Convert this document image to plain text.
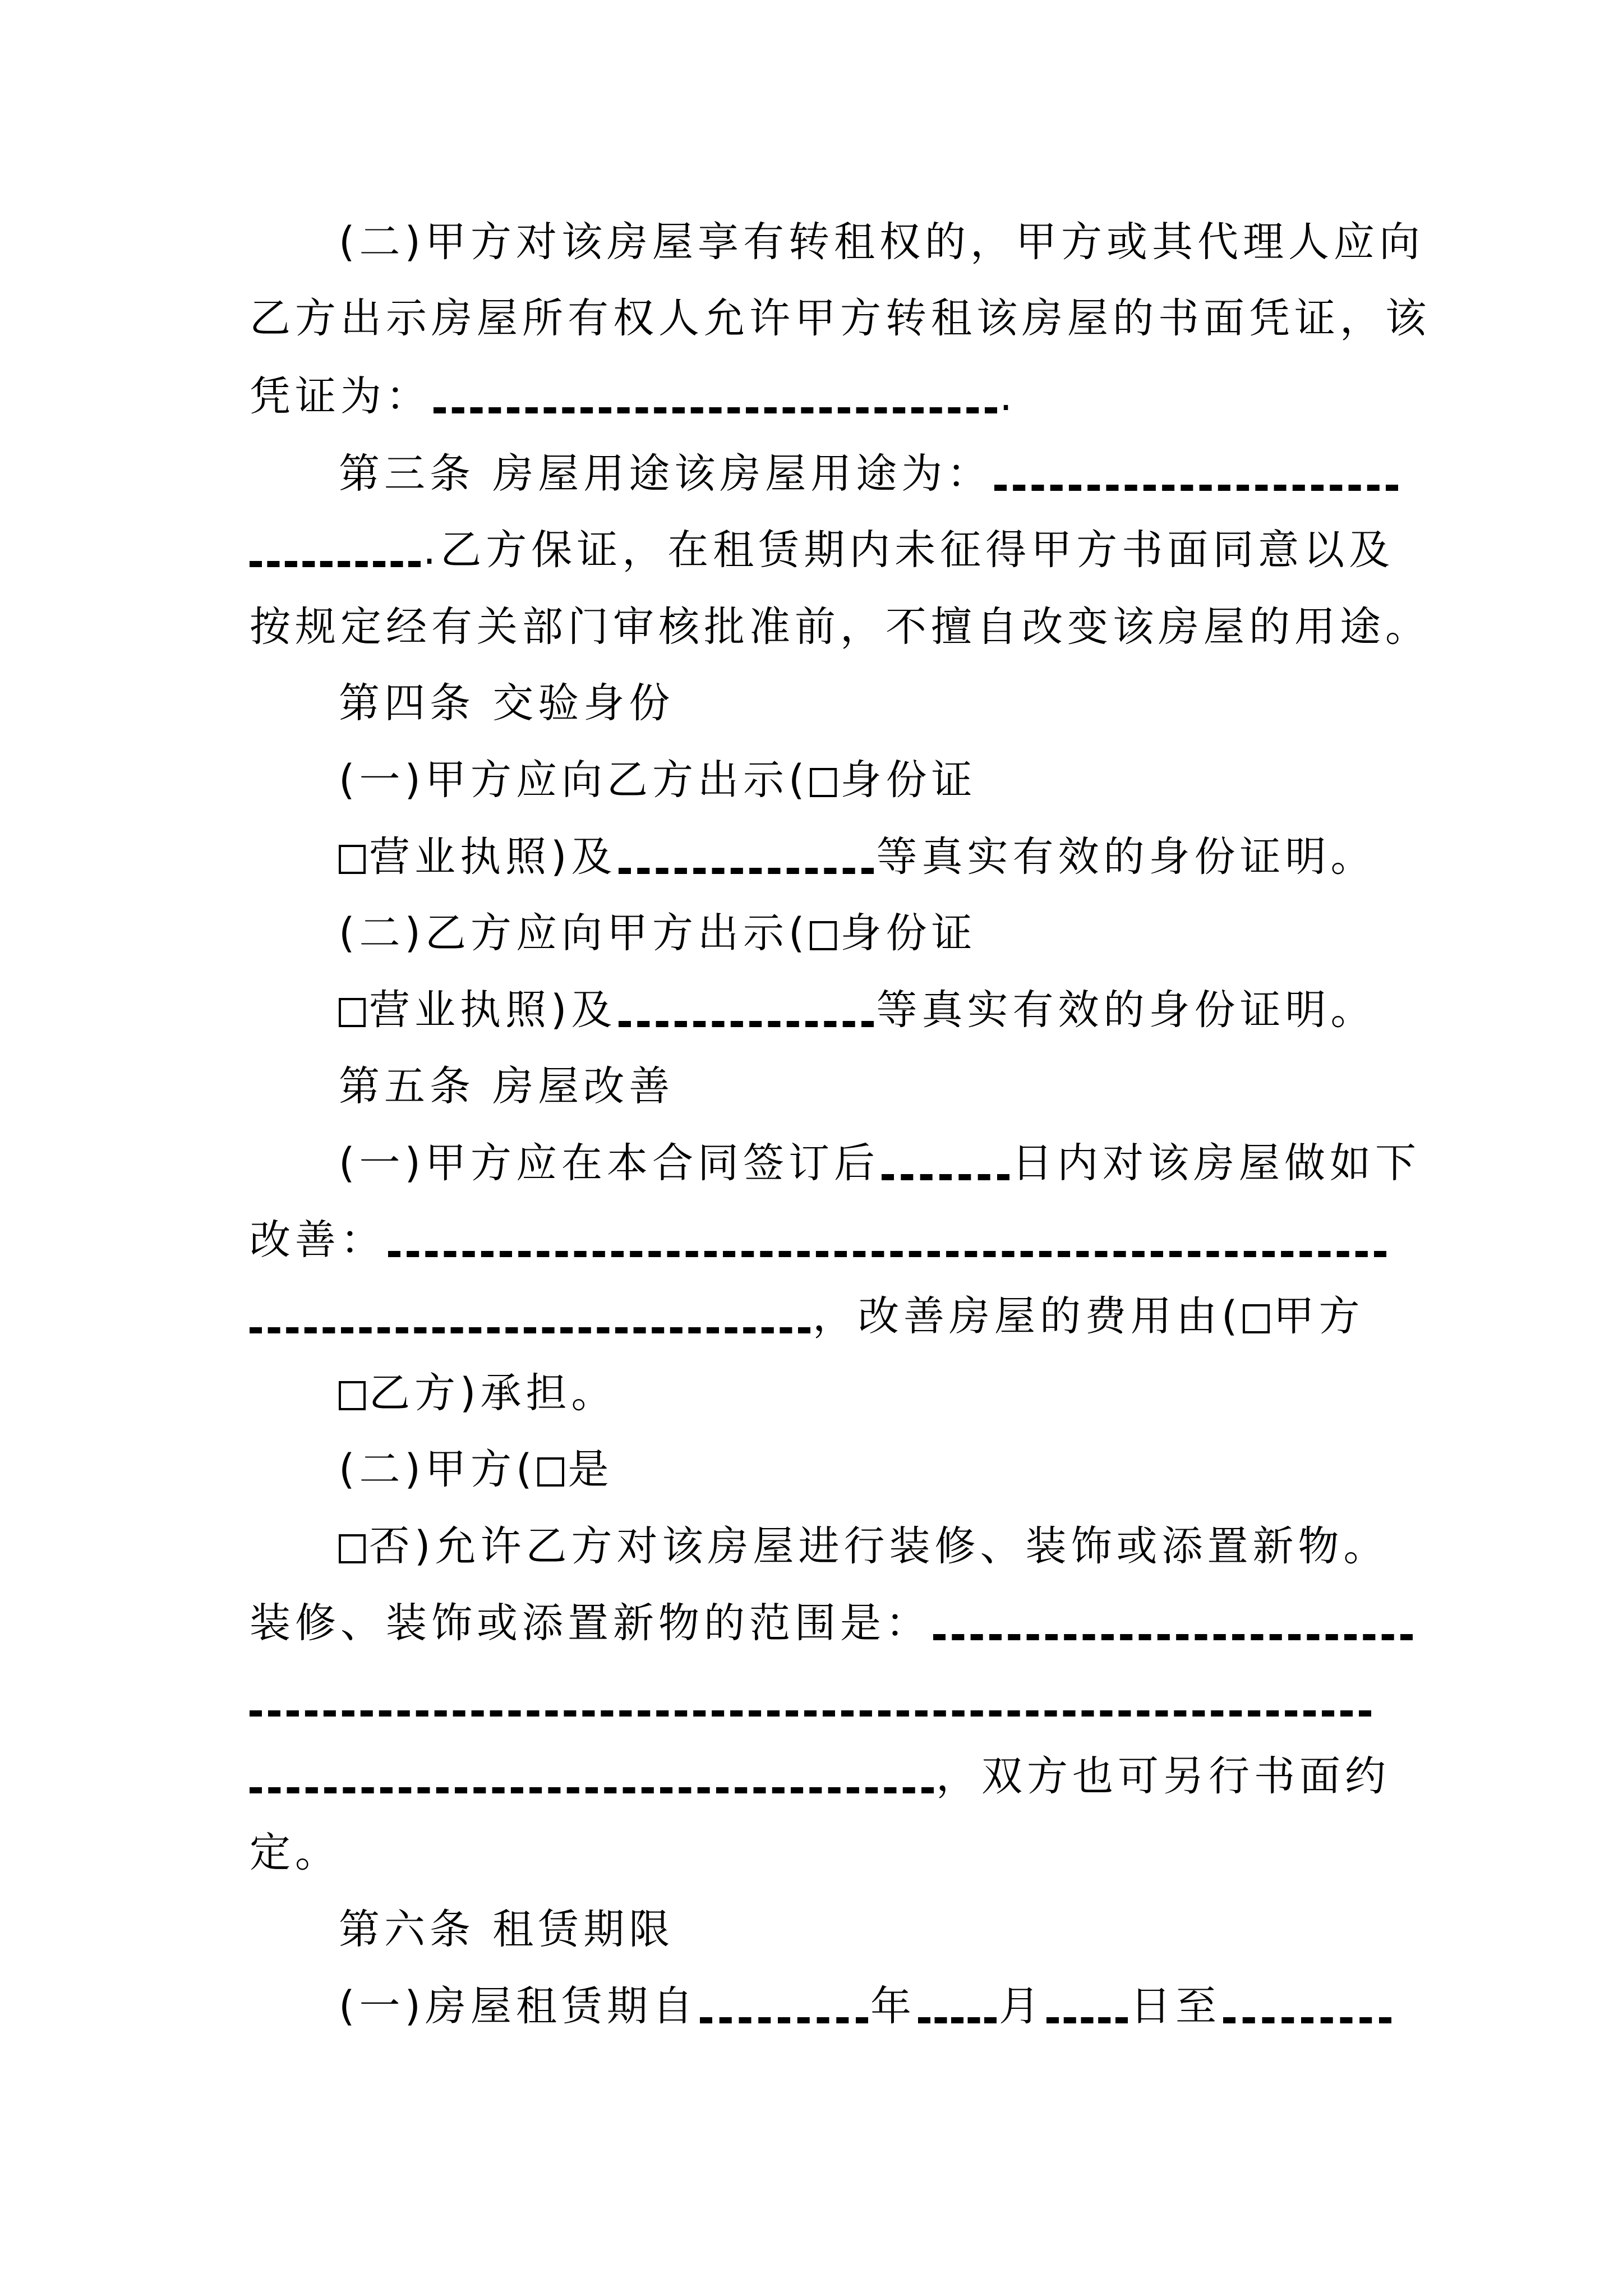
(二)甲方对该房屋享有转租权的，甲方或其代理人应向
乙方出示房屋所有权人允许甲方转租该房屋的书面凭证，该
凭证为：	.
第三条 房屋用途该房屋用途为：
.乙方保证，在租赁期内未征得甲方书面同意以及
按规定经有关部门审核批准前，不擅自改变该房屋的用途。
第四条 交验身份
(一)甲方应向乙方出示( 身份证
营业执照)及	等真实有效的身份证明。
(二)乙方应向甲方出示( 身份证
营业执照)及	等真实有效的身份证明。
第五条 房屋改善
(一)甲方应在本合同签订后	日内对该房屋做如下
改善：
，改善房屋的费用由( 甲方
乙方)承担。
(二)甲方( 是
否)允许乙方对该房屋进行装修、装饰或添置新物。
装修、装饰或添置新物的范围是：
，双方也可另行书面约
定。
第六条 租赁期限
(一)房屋租赁期自	年 月 日至
